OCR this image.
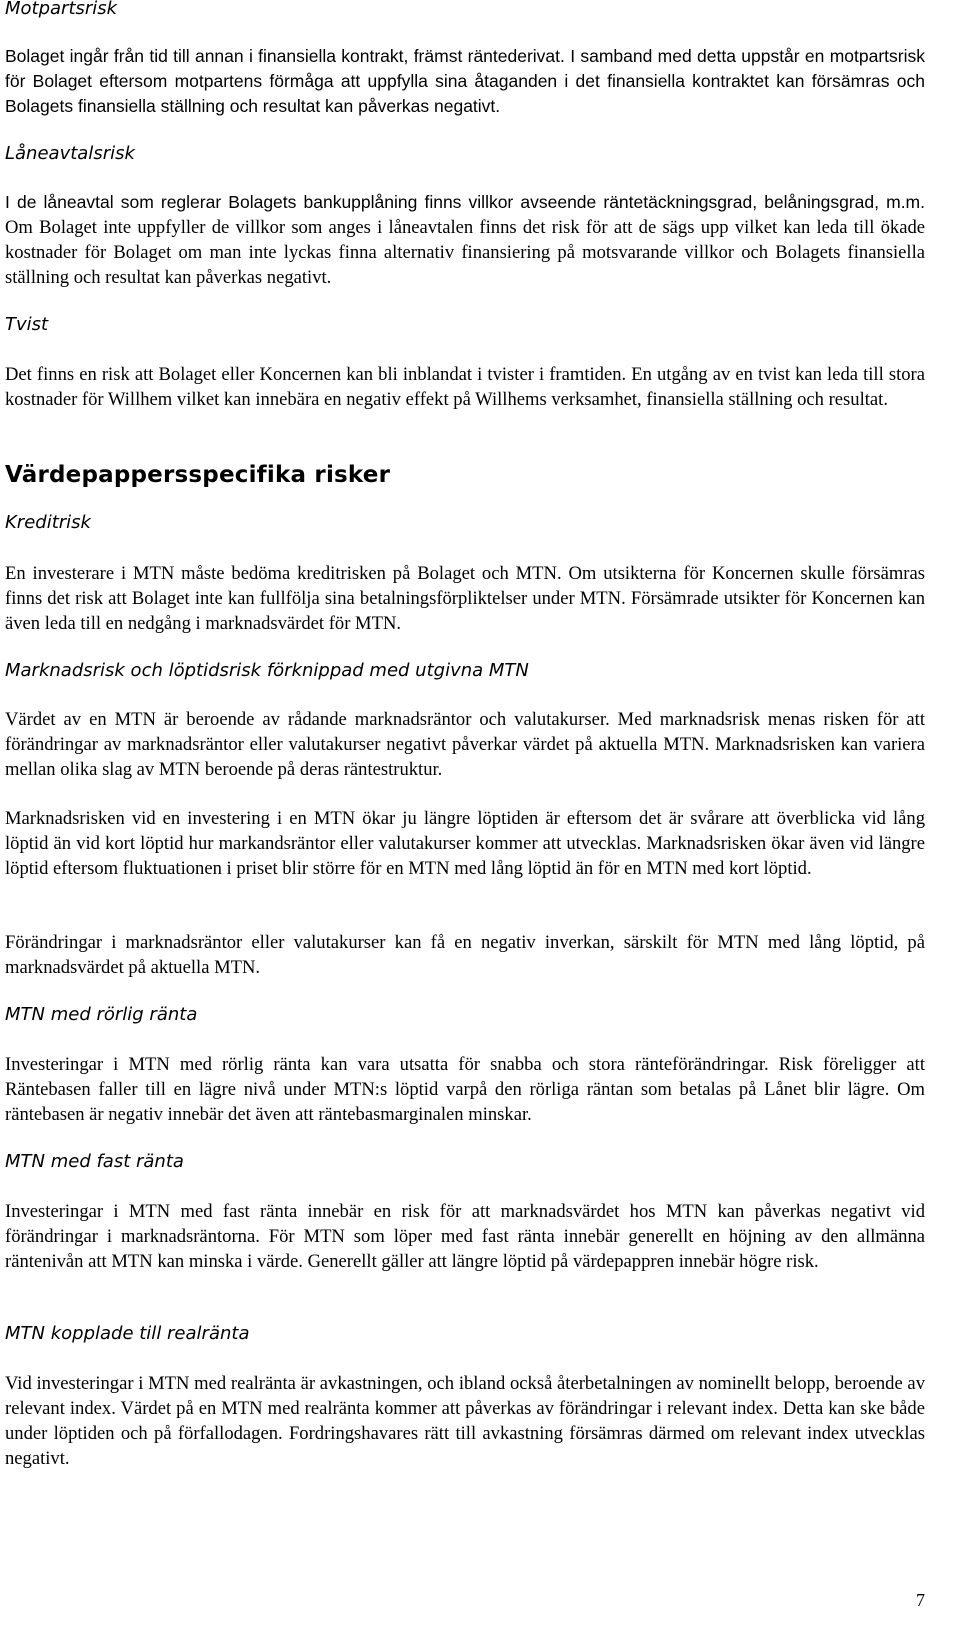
Motpartsrisk

Bolaget ingår från tid till annan i finansiella kontrakt, främst räntederivat. I samband med detta uppstår en motpartsrisk för Bolaget eftersom motpartens förmåga att uppfylla sina åtaganden i det finansiella kontraktet kan försämras och Bolagets finansiella ställning och resultat kan påverkas negativt.

Låneavtalsrisk

I de låneavtal som reglerar Bolagets bankupplåning finns villkor avseende räntetäckningsgrad, belåningsgrad, m.m. Om Bolaget inte uppfyller de villkor som anges i låneavtalen finns det risk för att de sägs upp vilket kan leda till ökade kostnader för Bolaget om man inte lyckas finna alternativ finansiering på motsvarande villkor och Bolagets finansiella ställning och resultat kan påverkas negativt.

Tvist

Det finns en risk att Bolaget eller Koncernen kan bli inblandat i tvister i framtiden. En utgång av en tvist kan leda till stora kostnader för Willhem vilket kan innebära en negativ effekt på Willhems verksamhet, finansiella ställning och resultat.

Värdepappersspecifika risker
Kreditrisk

En investerare i MTN måste bedöma kreditrisken på Bolaget och MTN. Om utsikterna för Koncernen skulle försämras finns det risk att Bolaget inte kan fullfölja sina betalningsförpliktelser under MTN. Försämrade utsikter för Koncernen kan även leda till en nedgång i marknadsvärdet för MTN.

Marknadsrisk och löptidsrisk förknippad med utgivna MTN

Värdet av en MTN är beroende av rådande marknadsräntor och valutakurser. Med marknadsrisk menas risken för att förändringar av marknadsräntor eller valutakurser negativt påverkar värdet på aktuella MTN. Marknadsrisken kan variera mellan olika slag av MTN beroende på deras räntestruktur.

Marknadsrisken vid en investering i en MTN ökar ju längre löptiden är eftersom det är svårare att överblicka vid lång löptid än vid kort löptid hur markandsräntor eller valutakurser kommer att utvecklas. Marknadsrisken ökar även vid längre löptid eftersom fluktuationen i priset blir större för en MTN med lång löptid än för en MTN med kort löptid.

Förändringar i marknadsräntor eller valutakurser kan få en negativ inverkan, särskilt för MTN med lång löptid, på marknadsvärdet på aktuella MTN.

MTN med rörlig ränta

Investeringar i MTN med rörlig ränta kan vara utsatta för snabba och stora ränteförändringar. Risk föreligger att Räntebasen faller till en lägre nivå under MTN:s löptid varpå den rörliga räntan som betalas på Lånet blir lägre. Om räntebasen är negativ innebär det även att räntebasmarginalen minskar.

MTN med fast ränta

Investeringar i MTN med fast ränta innebär en risk för att marknadsvärdet hos MTN kan påverkas negativt vid förändringar i marknadsräntorna. För MTN som löper med fast ränta innebär generellt en höjning av den allmänna räntenivån att MTN kan minska i värde. Generellt gäller att längre löptid på värdepappren innebär högre risk.

MTN kopplade till realränta

Vid investeringar i MTN med realränta är avkastningen, och ibland också återbetalningen av nominellt belopp, beroende av relevant index. Värdet på en MTN med realränta kommer att påverkas av förändringar i relevant index. Detta kan ske både under löptiden och på förfallodagen. Fordringshavares rätt till avkastning försämras därmed om relevant index utvecklas negativt.

7
